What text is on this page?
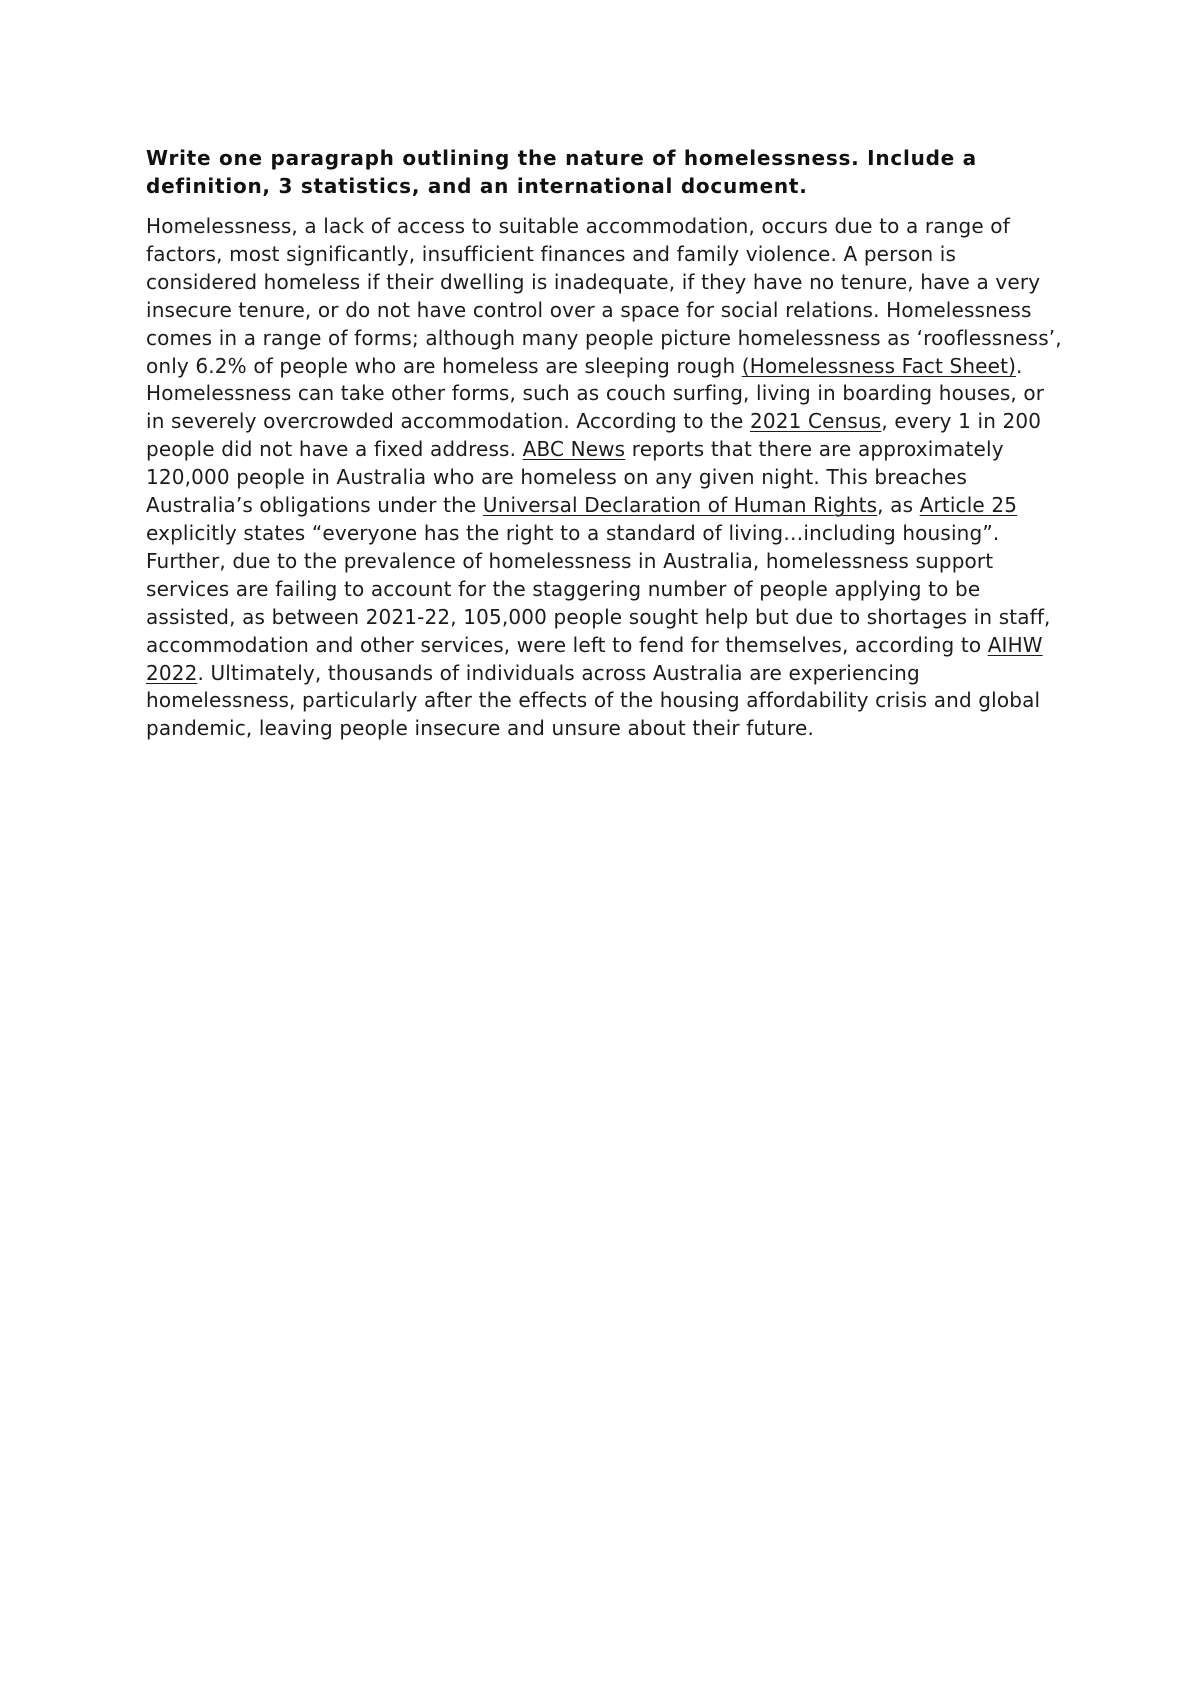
Write one paragraph outlining the nature of homelessness. Include a definition, 3 statistics, and an international document.

Homelessness, a lack of access to suitable accommodation, occurs due to a range of factors, most significantly, insufficient finances and family violence. A person is considered homeless if their dwelling is inadequate, if they have no tenure, have a very insecure tenure, or do not have control over a space for social relations. Homelessness comes in a range of forms; although many people picture homelessness as ‘rooflessness’, only 6.2% of people who are homeless are sleeping rough (Homelessness Fact Sheet). Homelessness can take other forms, such as couch surfing, living in boarding houses, or in severely overcrowded accommodation. According to the 2021 Census, every 1 in 200 people did not have a fixed address. ABC News reports that there are approximately 120,000 people in Australia who are homeless on any given night. This breaches Australia’s obligations under the Universal Declaration of Human Rights, as Article 25 explicitly states “everyone has the right to a standard of living…including housing”. Further, due to the prevalence of homelessness in Australia, homelessness support services are failing to account for the staggering number of people applying to be assisted, as between 2021-22, 105,000 people sought help but due to shortages in staff, accommodation and other services, were left to fend for themselves, according to AIHW 2022. Ultimately, thousands of individuals across Australia are experiencing homelessness, particularly after the effects of the housing affordability crisis and global pandemic, leaving people insecure and unsure about their future.
